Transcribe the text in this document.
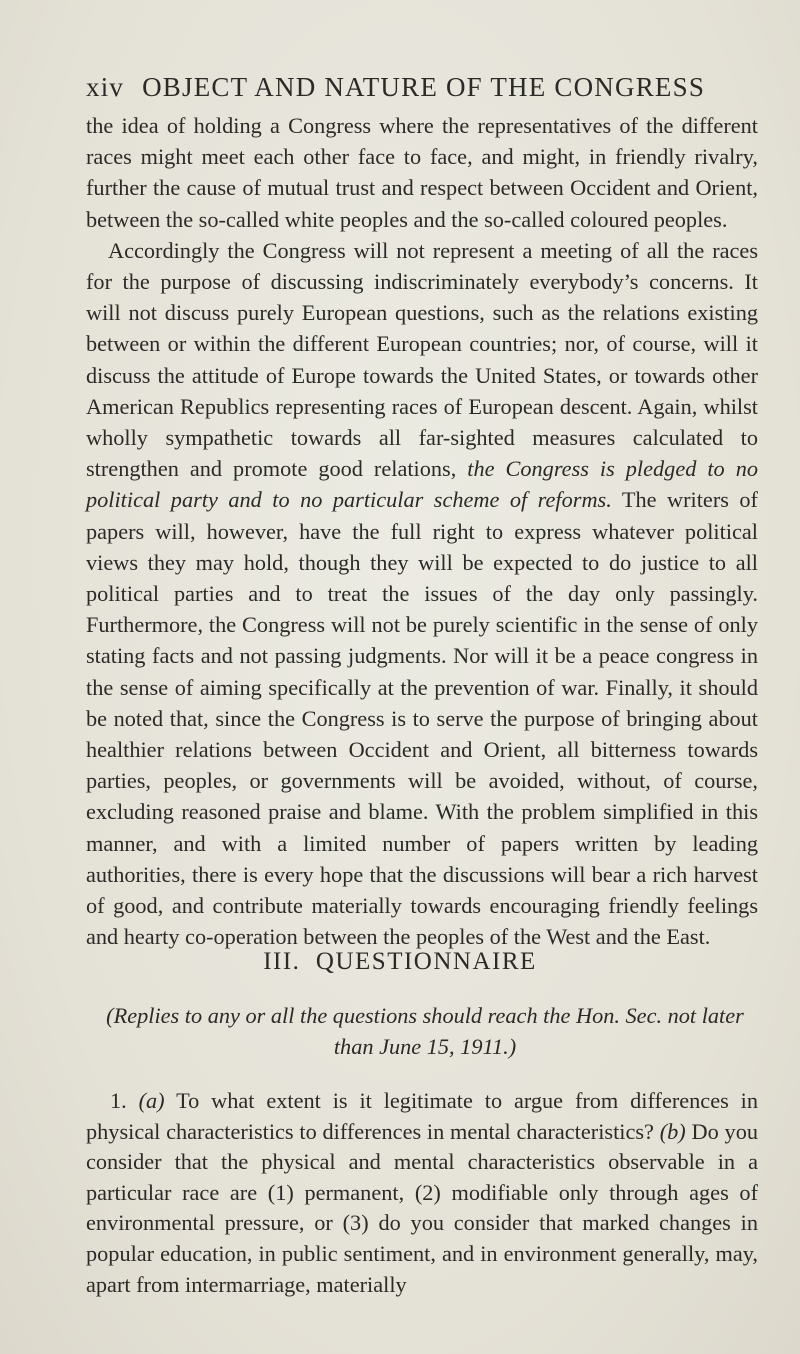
xiv OBJECT AND NATURE OF THE CONGRESS

the idea of holding a Congress where the representatives of the different races might meet each other face to face, and might, in friendly rivalry, further the cause of mutual trust and respect between Occident and Orient, between the so-called white peoples and the so-called coloured peoples.

Accordingly the Congress will not represent a meeting of all the races for the purpose of discussing indiscriminately everybody’s concerns. It will not discuss purely European questions, such as the relations existing between or within the different European countries; nor, of course, will it discuss the attitude of Europe towards the United States, or towards other American Republics representing races of European descent. Again, whilst wholly sympathetic towards all far-sighted measures calculated to strengthen and promote good relations, the Congress is pledged to no political party and to no particular scheme of reforms. The writers of papers will, however, have the full right to express whatever political views they may hold, though they will be expected to do justice to all political parties and to treat the issues of the day only passingly. Furthermore, the Congress will not be purely scientific in the sense of only stating facts and not passing judgments. Nor will it be a peace congress in the sense of aiming specifically at the prevention of war. Finally, it should be noted that, since the Congress is to serve the purpose of bringing about healthier relations between Occident and Orient, all bitterness towards parties, peoples, or governments will be avoided, without, of course, excluding reasoned praise and blame. With the problem simplified in this manner, and with a limited number of papers written by leading authorities, there is every hope that the discussions will bear a rich harvest of good, and contribute materially towards encouraging friendly feelings and hearty co-operation between the peoples of the West and the East.

III. QUESTIONNAIRE
(Replies to any or all the questions should reach the Hon. Sec. not later than June 15, 1911.)

1. (a) To what extent is it legitimate to argue from differences in physical characteristics to differences in mental characteristics? (b) Do you consider that the physical and mental characteristics observable in a particular race are (1) permanent, (2) modifiable only through ages of environmental pressure, or (3) do you consider that marked changes in popular education, in public sentiment, and in environment generally, may, apart from intermarriage, materially
